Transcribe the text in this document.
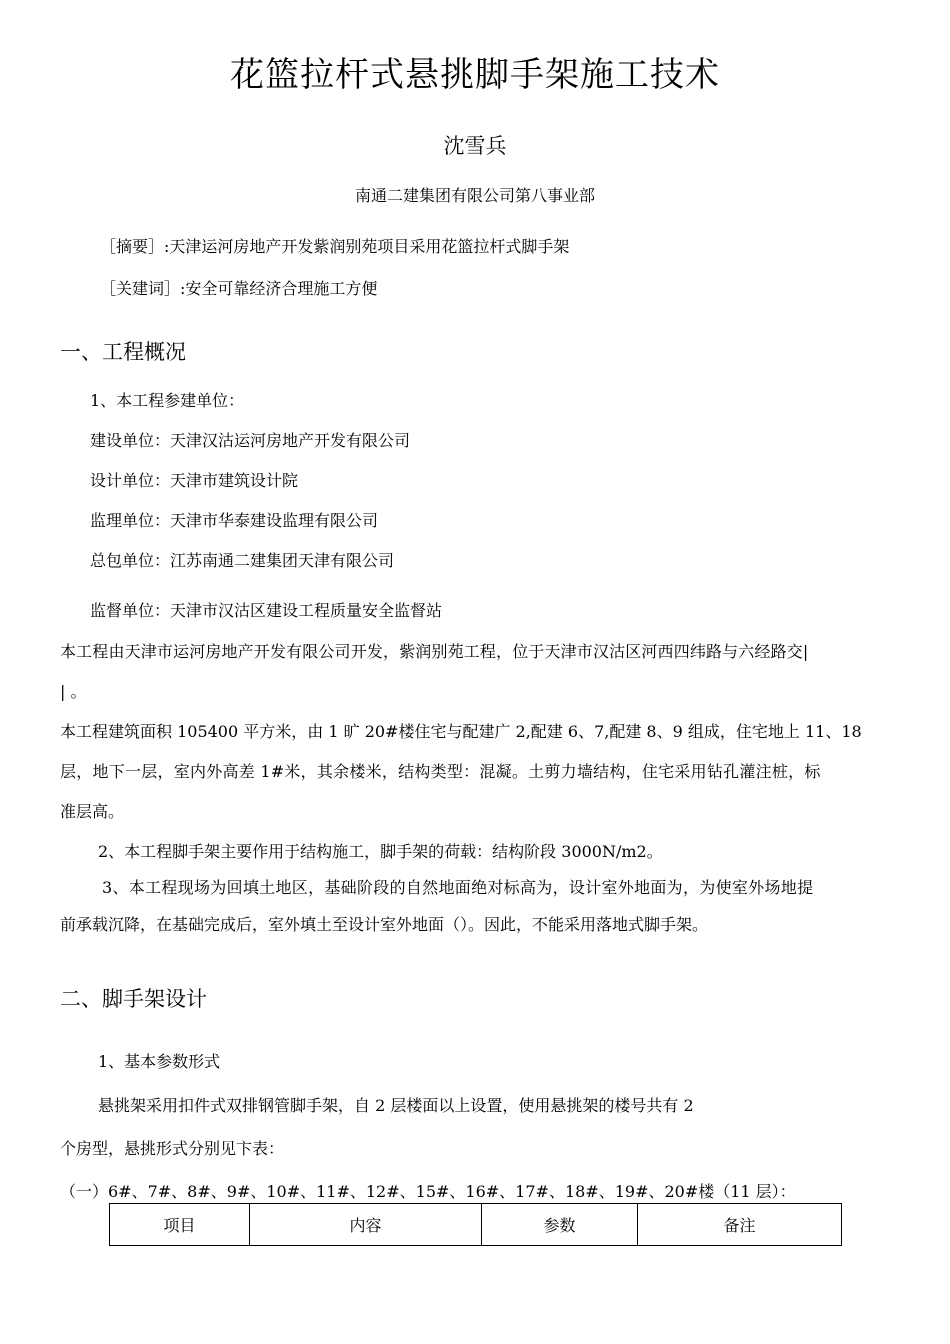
花篮拉杆式悬挑脚手架施工技术
沈雪兵
南通二建集团有限公司第八事业部
［摘要］:天津运河房地产开发紫润别苑项目采用花篮拉杆式脚手架
［关建词］:安全可靠经济合理施工方便
一、工程概况
1、本工程参建单位：
建设单位：天津汉沽运河房地产开发有限公司
设计单位：天津市建筑设计院
监理单位：天津市华泰建设监理有限公司
总包单位：江苏南通二建集团天津有限公司
监督单位：天津市汉沽区建设工程质量安全监督站
本工程由天津市运河房地产开发有限公司开发，紫润别苑工程，位于天津市汉沽区河西四纬路与六经路交|
| 。
本工程建筑面积 105400 平方米，由 1 旷 20#楼住宅与配建广 2,配建 6、7,配建 8、9 组成，住宅地上 11、18
层，地下一层，室内外高差 1#米，其余楼米，结构类型：混凝。土剪力墙结构，住宅采用钻孔灌注桩，标
准层高。
2、本工程脚手架主要作用于结构施工，脚手架的荷载：结构阶段 3000N/m2。
3、本工程现场为回填土地区，基础阶段的自然地面绝对标高为，设计室外地面为，为使室外场地提
前承载沉降，在基础完成后，室外填土至设计室外地面（）。因此，不能采用落地式脚手架。
二、脚手架设计
1、基本参数形式
悬挑架采用扣件式双排钢管脚手架，自 2 层楼面以上设置，使用悬挑架的楼号共有 2
个房型，悬挑形式分别见卞表：
（一）6#、7#、8#、9#、10#、11#、12#、15#、16#、17#、18#、19#、20#楼（11 层）：
项目	内容	参数	备注
